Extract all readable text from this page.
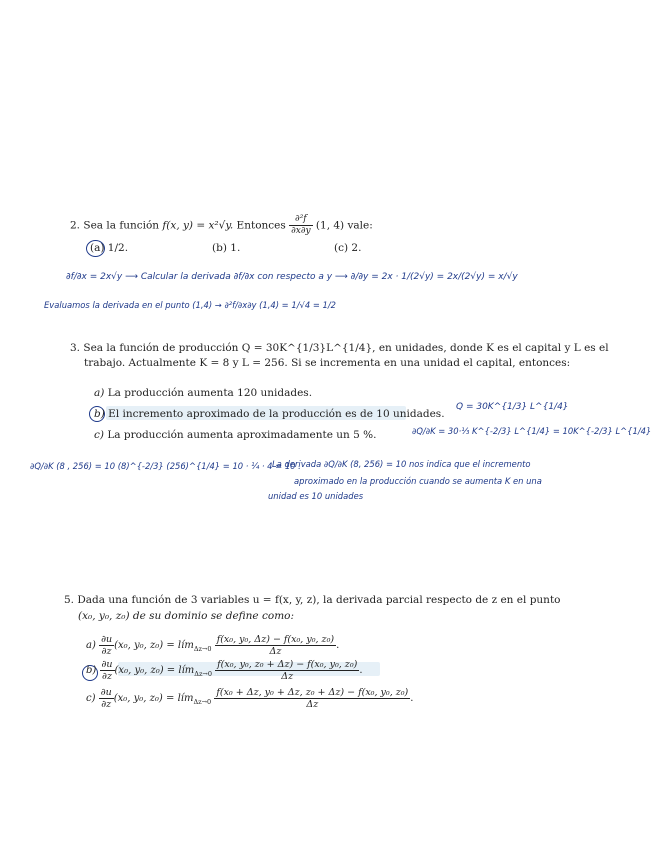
2. Sea la función f(x, y) = x²√y. Entonces $\frac{\text{∂²f}}{\partial x\partial y} (1$, 4) vale:
(a) 1/2.	(b) 1.	(c) 2.
∂f/∂x = 2x√y ⟶ Calcular la derivada ∂f/∂x con respecto a y ⟶ ∂/∂y = 2x · 1/(2√y) = 2x/(2√y) = x/√y
Evaluamos la derivada en el punto (1,4) → ∂²f/∂x∂y (1,4) = 1/√4 = 1/2
3. Sea la función de producción Q = 30K^{1/3}L^{1/4}, en unidades, donde K es el capital y L es el
trabajo. Actualmente K = 8 y L = 256. Si se incrementa en una unidad el capital, entonces:
a) La producción aumenta 120 unidades.
b) El incremento aproximado de la producción es de 10 unidades.
c) La producción aumenta aproximadamente un 5 %.
Q = 30K^{1/3} L^{1/4}
∂Q/∂K = 30·⅓ K^{-2/3} L^{1/4} = 10K^{-2/3} L^{1/4}
∂Q/∂K (8 , 256) = 10 (8)^{-2/3} (256)^{1/4} = 10 · ¼ · 4 = 10 .
La derivada ∂Q/∂K (8, 256) = 10 nos indica que el incremento
aproximado en la producción cuando se aumenta K en una
unidad es 10 unidades
5. Dada una función de 3 variables u = f(x, y, z), la derivada parcial respecto de z en el punto
(x₀, y₀, z₀) de su dominio se define como:
$a) \frac{\partial u}{\partial z} (x_0$, y₀, z₀) = lím$_{\Delta z\to 0}$ $\frac{\text{f(x₀, y₀, Δz) − f(x₀, y₀, z₀)}}{\Delta z}$ .
$b) \frac{\partial u}{\partial z} (x_0$, y₀, z₀) = lím$_{\Delta z\to 0}$ $\frac{\text{f(x₀, y₀, z₀ + Δz) − f(x₀, y₀, z₀)}}{\Delta z}$ .
$c) \frac{\partial u}{\partial z} (x_0$, y₀, z₀) = lím$_{\Delta z\to 0}$ $\frac{\text{f(x₀ + Δz, y₀ + Δz, z₀ + Δz) − f(x₀, y₀, z₀)}}{\Delta z}$ .
